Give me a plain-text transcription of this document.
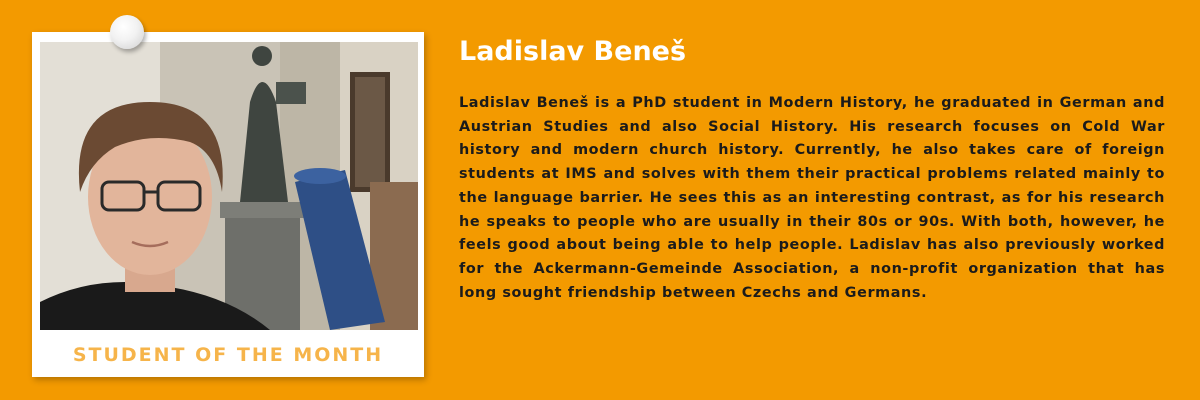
STUDENT OF THE MONTH
Ladislav Beneš

Ladislav Beneš is a PhD student in Modern History, he graduated in German and Austrian Studies and also Social History. His research focuses on Cold War history and modern church history. Currently, he also takes care of foreign students at IMS and solves with them their practical problems related mainly to the language barrier. He sees this as an interesting contrast, as for his research he speaks to people who are usually in their 80s or 90s. With both, however, he feels good about being able to help people. Ladislav has also previously worked for the Ackermann-Gemeinde Association, a non-profit organization that has long sought friendship between Czechs and Germans.
